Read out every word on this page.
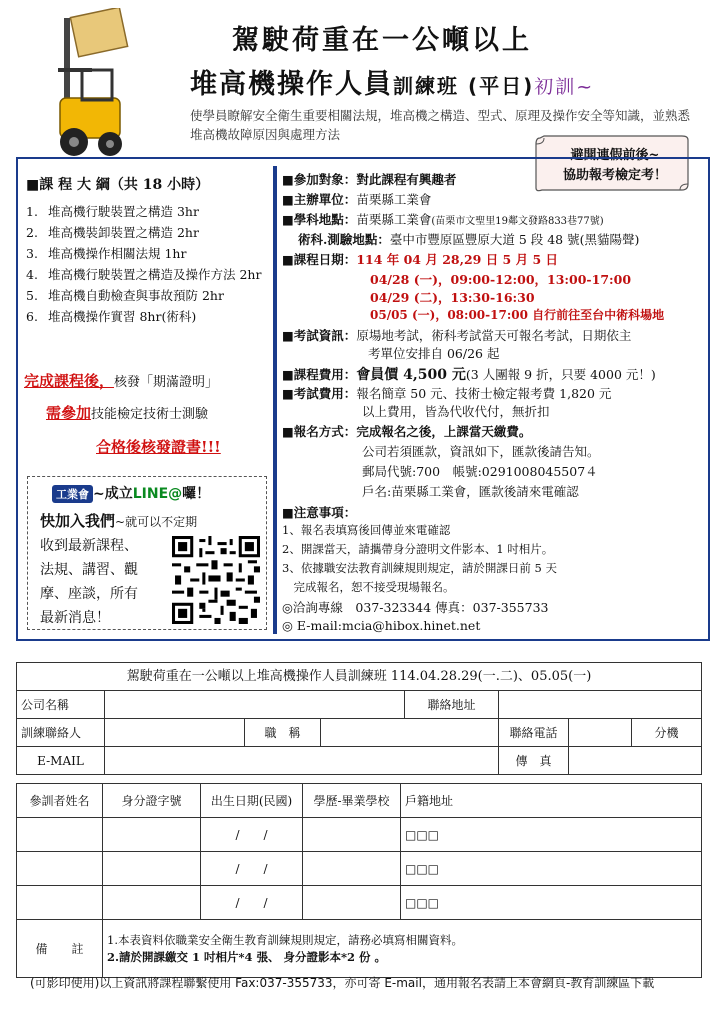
駕駛荷重在一公噸以上
堆高機操作人員訓練班 (平日)初訓~
使學員瞭解安全衛生重要相關法規，堆高機之構造、型式、原理及操作安全等知識，並熟悉堆高機故障原因與處理方法
避開連假前後~
協助報考檢定考！
■課 程 大 綱（共 18 小時）
1. 堆高機行駛裝置之構造 3hr
2. 堆高機裝卸裝置之構造 2hr
3. 堆高機操作相關法規 1hr
4. 堆高機行駛裝置之構造及操作方法 2hr
5. 堆高機自動檢查與事故預防 2hr
6. 堆高機操作實習 8hr(術科)
完成課程後，核發「期滿證明」
需參加技能檢定技術士測驗
合格後核發證書!!!
工業會 ~成立LINE@囉！
快加入我們~就可以不定期
收到最新課程、
法規、講習、觀
摩、座談，所有
最新消息！
■參加對象：對此課程有興趣者
■主辦單位：苗栗縣工業會
■學科地點：苗栗縣工業會(苗栗市文聖里19鄰文發路833巷77號)
術科.測驗地點：臺中市豐原區豐原大道 5 段 48 號(黑貓陽聲)
■課程日期：114 年 04 月 28,29 日 5 月 5 日
04/28 (一)，09:00-12:00，13:00-17:00
04/29 (二)，13:30-16:30
05/05 (一)，08:00-17:00 自行前往至台中術科場地
■考試資訊：原場地考試，術科考試當天可報名考試，日期依主
考單位安排自 06/26 起
■課程費用：會員價 4,500 元(3 人團報 9 折，只要 4000 元！)
■考試費用：報名簡章 50 元、技術士檢定報考費 1,820 元
以上費用，皆為代收代付，無折扣
■報名方式：完成報名之後，上課當天繳費。
公司若須匯款，資訊如下，匯款後請告知。
郵局代號:700　帳號:0291008045507４
戶名:苗栗縣工業會，匯款後請來電確認
■注意事項：
1、報名表填寫後回傳並來電確認
2、開課當天，請攜帶身分證明文件影本、1 吋相片。
3、依據職安法教育訓練規則規定，請於開課日前 5 天
　完成報名，恕不接受現場報名。
◎洽詢專線　037-323344 傳真：037-355733
◎ E-mail:mcia@hibox.hinet.net
駕駛荷重在一公噸以上堆高機操作人員訓練班 114.04.28.29(一.二)、05.05(一)
公司名稱				聯絡地址			
訓練聯絡人		職　稱			聯絡電話		分機
E-MAIL					傳　真		
參訓者姓名	身分證字號	出生日期(民國)	學歷-畢業學校	戶籍地址
		/　　/		□□□
		/　　/		□□□
		/　　/		□□□
備　　註	1.本表資料依職業安全衛生教育訓練規則規定，請務必填寫相關資料。
2.請於開課繳交 1 吋相片*4 張、 身分證影本*2 份 。			
(可影印使用)以上資訊將課程聯繫使用 Fax:037-355733，亦可寄 E-mail，通用報名表請上本會網頁-教育訓練區下載
